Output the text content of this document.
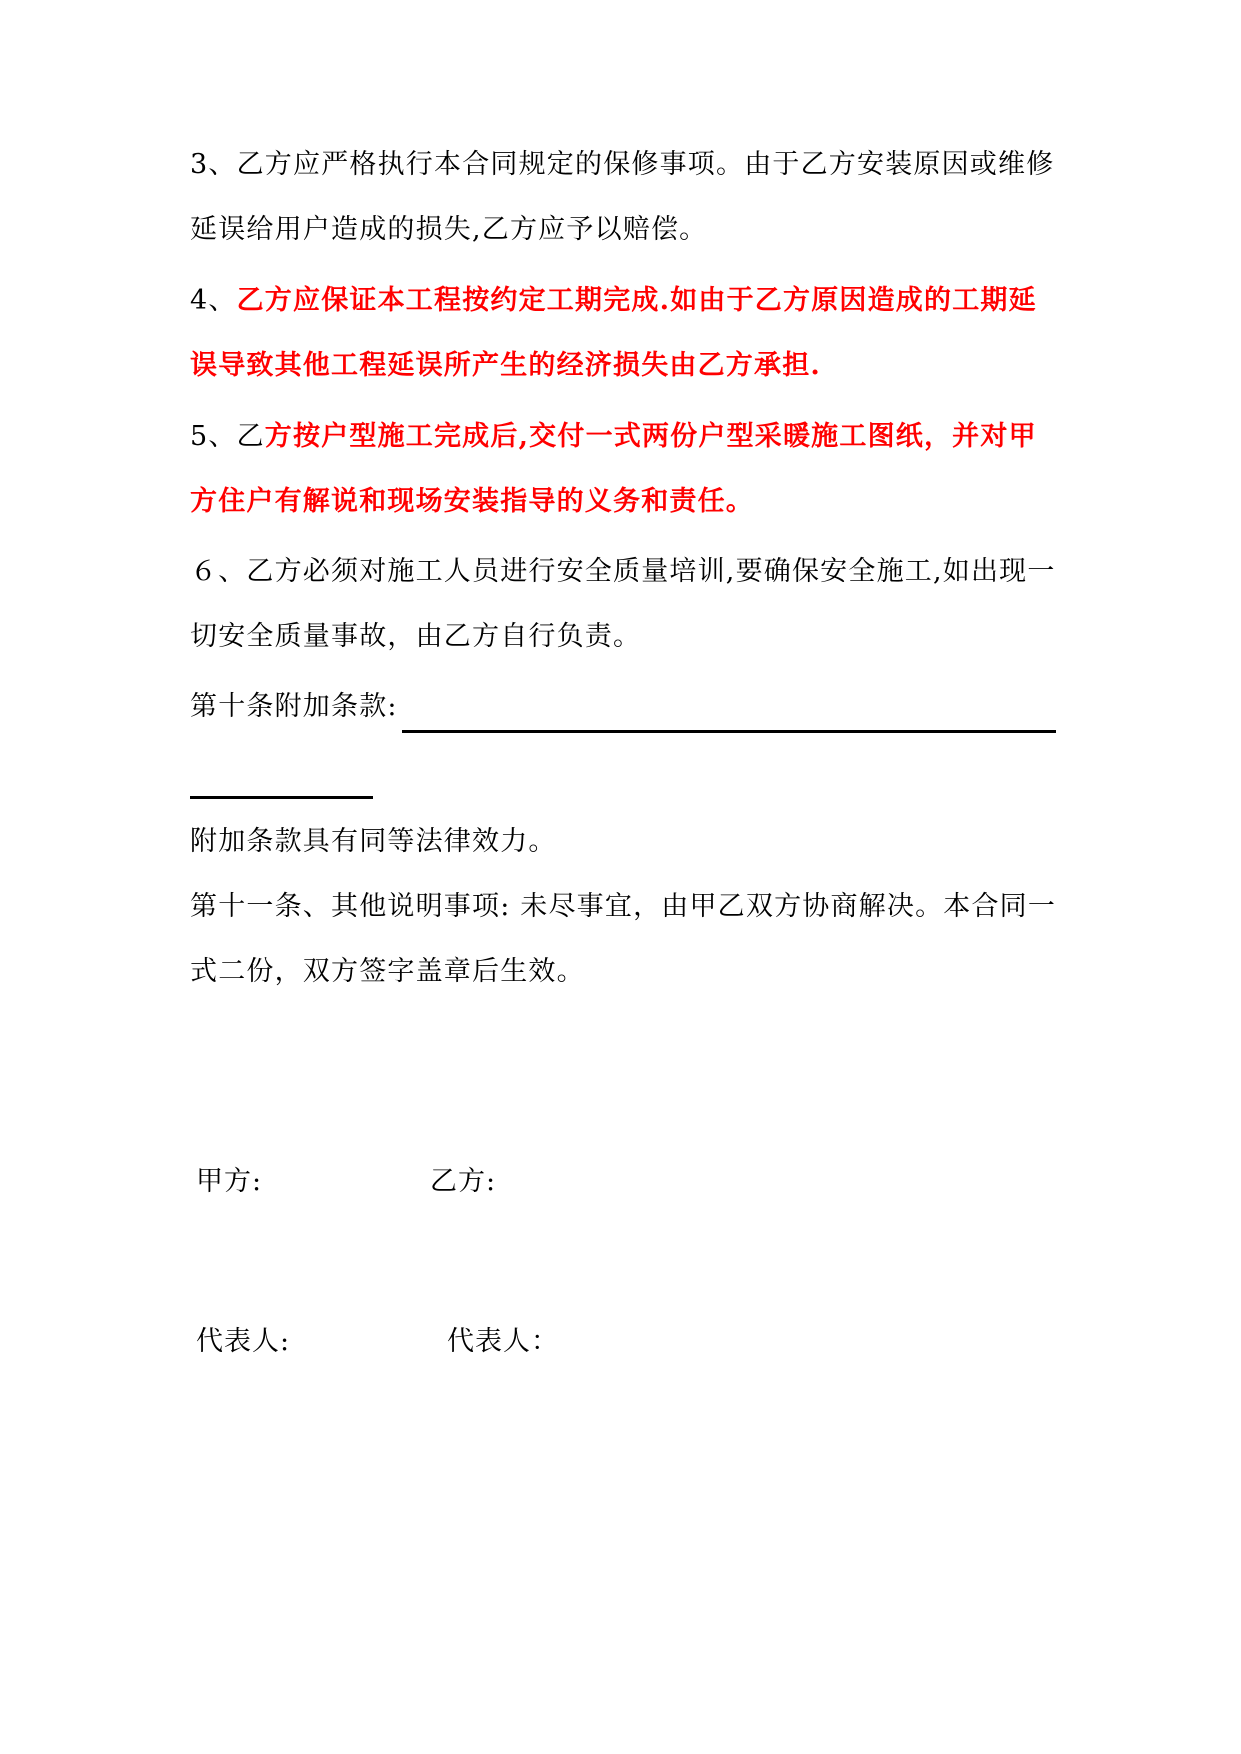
3、乙方应严格执行本合同规定的保修事项。由于乙方安装原因或维修延误给用户造成的损失,乙方应予以赔偿。
4、乙方应保证本工程按约定工期完成.如由于乙方原因造成的工期延误导致其他工程延误所产生的经济损失由乙方承担.
5、乙方按户型施工完成后,交付一式两份户型采暖施工图纸，并对甲方住户有解说和现场安装指导的义务和责任。
６、乙方必须对施工人员进行安全质量培训,要确保安全施工,如出现一切安全质量事故，由乙方自行负责。
第十条附加条款:
附加条款具有同等法律效力。
第十一条、其他说明事项: 未尽事宜，由甲乙双方协商解决。本合同一式二份，双方签字盖章后生效。
甲方:	乙方:
代表人:	代表人：
